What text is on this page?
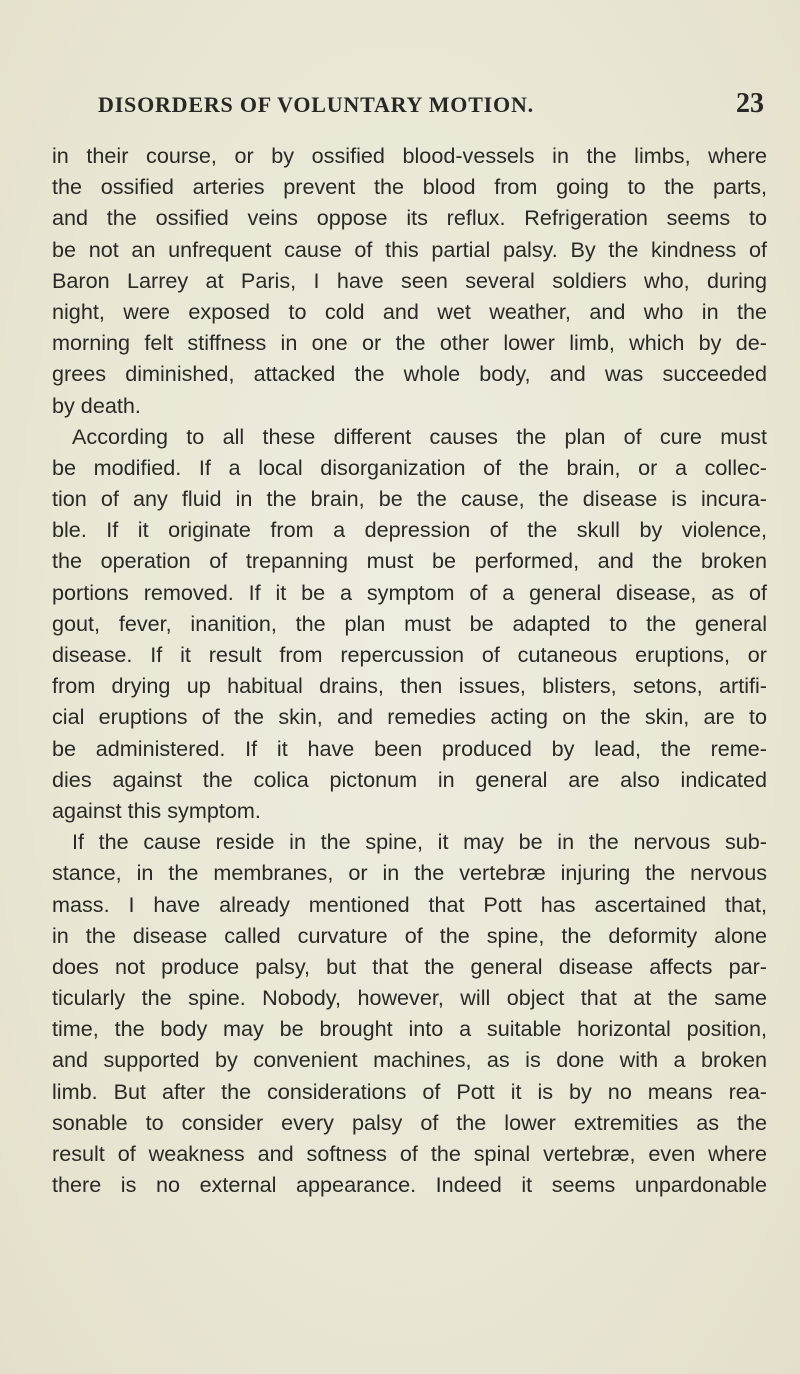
DISORDERS OF VOLUNTARY MOTION.	23
in their course, or by ossified blood-vessels in the limbs, where
the ossified arteries prevent the blood from going to the parts,
and the ossified veins oppose its reflux. Refrigeration seems to
be not an unfrequent cause of this partial palsy. By the kindness of
Baron Larrey at Paris, I have seen several soldiers who, during
night, were exposed to cold and wet weather, and who in the
morning felt stiffness in one or the other lower limb, which by de-
grees diminished, attacked the whole body, and was succeeded
by death.
According to all these different causes the plan of cure must
be modified. If a local disorganization of the brain, or a collec-
tion of any fluid in the brain, be the cause, the disease is incura-
ble. If it originate from a depression of the skull by violence,
the operation of trepanning must be performed, and the broken
portions removed. If it be a symptom of a general disease, as of
gout, fever, inanition, the plan must be adapted to the general
disease. If it result from repercussion of cutaneous eruptions, or
from drying up habitual drains, then issues, blisters, setons, artifi-
cial eruptions of the skin, and remedies acting on the skin, are to
be administered. If it have been produced by lead, the reme-
dies against the colica pictonum in general are also indicated
against this symptom.
If the cause reside in the spine, it may be in the nervous sub-
stance, in the membranes, or in the vertebræ injuring the nervous
mass. I have already mentioned that Pott has ascertained that,
in the disease called curvature of the spine, the deformity alone
does not produce palsy, but that the general disease affects par-
ticularly the spine. Nobody, however, will object that at the same
time, the body may be brought into a suitable horizontal position,
and supported by convenient machines, as is done with a broken
limb. But after the considerations of Pott it is by no means rea-
sonable to consider every palsy of the lower extremities as the
result of weakness and softness of the spinal vertebræ, even where
there is no external appearance. Indeed it seems unpardonable
